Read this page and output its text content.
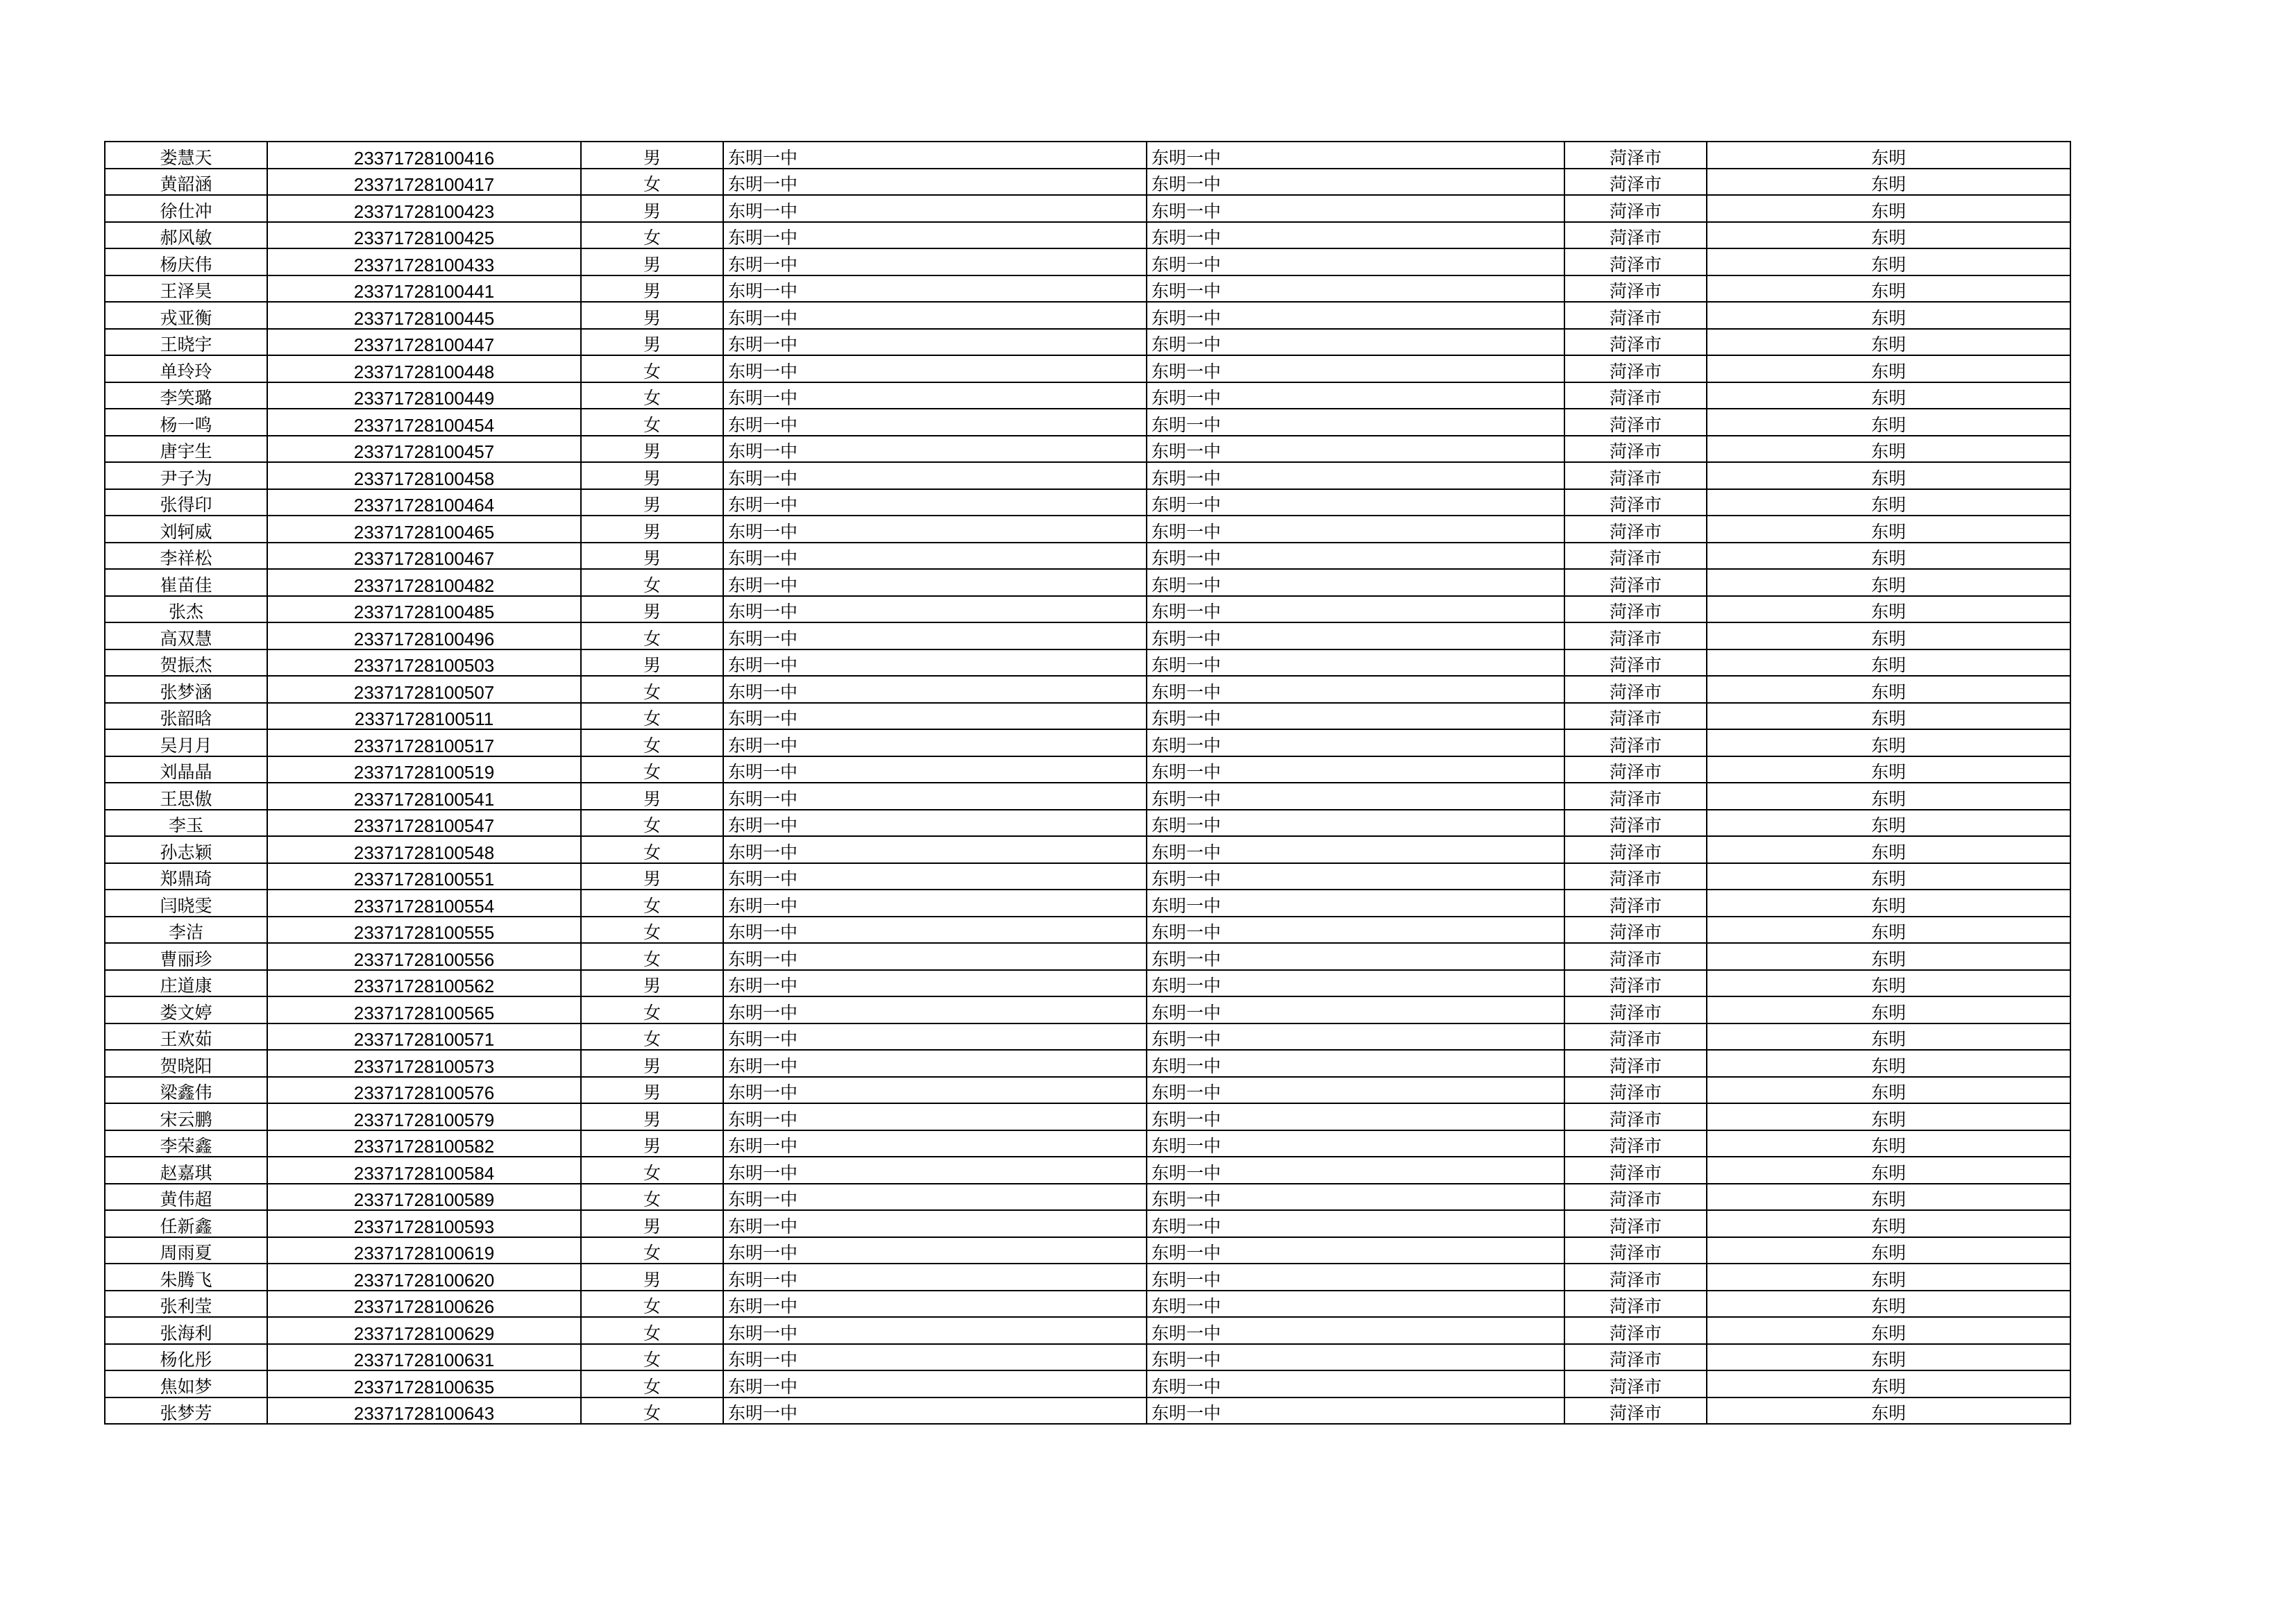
娄慧天	23371728100416	男	东明一中	东明一中	菏泽市	东明
黄韶涵	23371728100417	女	东明一中	东明一中	菏泽市	东明
徐仕冲	23371728100423	男	东明一中	东明一中	菏泽市	东明
郝风敏	23371728100425	女	东明一中	东明一中	菏泽市	东明
杨庆伟	23371728100433	男	东明一中	东明一中	菏泽市	东明
王泽昊	23371728100441	男	东明一中	东明一中	菏泽市	东明
戎亚衡	23371728100445	男	东明一中	东明一中	菏泽市	东明
王晓宇	23371728100447	男	东明一中	东明一中	菏泽市	东明
单玲玲	23371728100448	女	东明一中	东明一中	菏泽市	东明
李笑璐	23371728100449	女	东明一中	东明一中	菏泽市	东明
杨一鸣	23371728100454	女	东明一中	东明一中	菏泽市	东明
唐宇生	23371728100457	男	东明一中	东明一中	菏泽市	东明
尹子为	23371728100458	男	东明一中	东明一中	菏泽市	东明
张得印	23371728100464	男	东明一中	东明一中	菏泽市	东明
刘轲威	23371728100465	男	东明一中	东明一中	菏泽市	东明
李祥松	23371728100467	男	东明一中	东明一中	菏泽市	东明
崔苗佳	23371728100482	女	东明一中	东明一中	菏泽市	东明
张杰	23371728100485	男	东明一中	东明一中	菏泽市	东明
高双慧	23371728100496	女	东明一中	东明一中	菏泽市	东明
贺振杰	23371728100503	男	东明一中	东明一中	菏泽市	东明
张梦涵	23371728100507	女	东明一中	东明一中	菏泽市	东明
张韶晗	23371728100511	女	东明一中	东明一中	菏泽市	东明
吴月月	23371728100517	女	东明一中	东明一中	菏泽市	东明
刘晶晶	23371728100519	女	东明一中	东明一中	菏泽市	东明
王思傲	23371728100541	男	东明一中	东明一中	菏泽市	东明
李玉	23371728100547	女	东明一中	东明一中	菏泽市	东明
孙志颖	23371728100548	女	东明一中	东明一中	菏泽市	东明
郑鼎琦	23371728100551	男	东明一中	东明一中	菏泽市	东明
闫晓雯	23371728100554	女	东明一中	东明一中	菏泽市	东明
李洁	23371728100555	女	东明一中	东明一中	菏泽市	东明
曹丽珍	23371728100556	女	东明一中	东明一中	菏泽市	东明
庄道康	23371728100562	男	东明一中	东明一中	菏泽市	东明
娄文婷	23371728100565	女	东明一中	东明一中	菏泽市	东明
王欢茹	23371728100571	女	东明一中	东明一中	菏泽市	东明
贺晓阳	23371728100573	男	东明一中	东明一中	菏泽市	东明
梁鑫伟	23371728100576	男	东明一中	东明一中	菏泽市	东明
宋云鹏	23371728100579	男	东明一中	东明一中	菏泽市	东明
李荣鑫	23371728100582	男	东明一中	东明一中	菏泽市	东明
赵嘉琪	23371728100584	女	东明一中	东明一中	菏泽市	东明
黄伟超	23371728100589	女	东明一中	东明一中	菏泽市	东明
任新鑫	23371728100593	男	东明一中	东明一中	菏泽市	东明
周雨夏	23371728100619	女	东明一中	东明一中	菏泽市	东明
朱腾飞	23371728100620	男	东明一中	东明一中	菏泽市	东明
张利莹	23371728100626	女	东明一中	东明一中	菏泽市	东明
张海利	23371728100629	女	东明一中	东明一中	菏泽市	东明
杨化彤	23371728100631	女	东明一中	东明一中	菏泽市	东明
焦如梦	23371728100635	女	东明一中	东明一中	菏泽市	东明
张梦芳	23371728100643	女	东明一中	东明一中	菏泽市	东明
